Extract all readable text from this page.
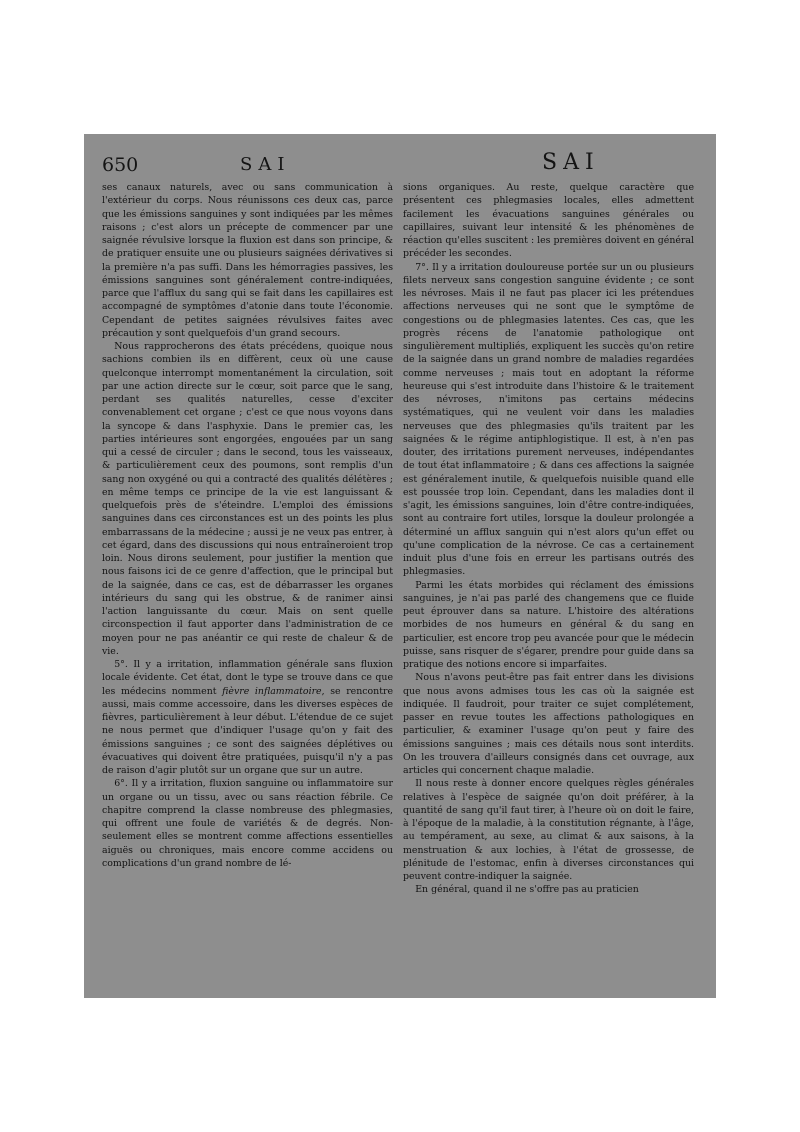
650	SAI	SAI

ses canaux naturels, avec ou sans communication à l'extérieur du corps. Nous réunissons ces deux cas, parce que les émissions sanguines y sont indiquées par les mêmes raisons ; c'est alors un précepte de commencer par une saignée révulsive lorsque la fluxion est dans son principe, & de pratiquer ensuite une ou plusieurs saignées dérivatives si la première n'a pas suffi. Dans les hémorragies passives, les émissions sanguines sont généralement contre-indiquées, parce que l'afflux du sang qui se fait dans les capillaires est accompagné de symptômes d'atonie dans toute l'économie. Cependant de petites saignées révulsives faites avec précaution y sont quelquefois d'un grand secours.

Nous rapprocherons des états précédens, quoique nous sachions combien ils en diffèrent, ceux où une cause quelconque interrompt momentanément la circulation, soit par une action directe sur le cœur, soit parce que le sang, perdant ses qualités naturelles, cesse d'exciter convenablement cet organe ; c'est ce que nous voyons dans la syncope & dans l'asphyxie. Dans le premier cas, les parties intérieures sont engorgées, engouées par un sang qui a cessé de circuler ; dans le second, tous les vaisseaux, & particulièrement ceux des poumons, sont remplis d'un sang non oxygéné ou qui a contracté des qualités délétères ; en même temps ce principe de la vie est languissant & quelquefois près de s'éteindre. L'emploi des émissions sanguines dans ces circonstances est un des points les plus embarrassans de la médecine ; aussi je ne veux pas entrer, à cet égard, dans des discussions qui nous entraîneroient trop loin. Nous dirons seulement, pour justifier la mention que nous faisons ici de ce genre d'affection, que le principal but de la saignée, dans ce cas, est de débarrasser les organes intérieurs du sang qui les obstrue, & de ranimer ainsi l'action languissante du cœur. Mais on sent quelle circonspection il faut apporter dans l'administration de ce moyen pour ne pas anéantir ce qui reste de chaleur & de vie.

5°. Il y a irritation, inflammation générale sans fluxion locale évidente. Cet état, dont le type se trouve dans ce que les médecins nomment fièvre inflammatoire, se rencontre aussi, mais comme accessoire, dans les diverses espèces de fièvres, particulièrement à leur début. L'étendue de ce sujet ne nous permet que d'indiquer l'usage qu'on y fait des émissions sanguines ; ce sont des saignées déplétives ou évacuatives qui doivent être pratiquées, puisqu'il n'y a pas de raison d'agir plutôt sur un organe que sur un autre.

6°. Il y a irritation, fluxion sanguine ou inflammatoire sur un organe ou un tissu, avec ou sans réaction fébrile. Ce chapitre comprend la classe nombreuse des phlegmasies, qui offrent une foule de variétés & de degrés. Non-seulement elles se montrent comme affections essentielles aiguës ou chroniques, mais encore comme accidens ou complications d'un grand nombre de lé-

sions organiques. Au reste, quelque caractère que présentent ces phlegmasies locales, elles admettent facilement les évacuations sanguines générales ou capillaires, suivant leur intensité & les phénomènes de réaction qu'elles suscitent : les premières doivent en général précéder les secondes.

7°. Il y a irritation douloureuse portée sur un ou plusieurs filets nerveux sans congestion sanguine évidente ; ce sont les névroses. Mais il ne faut pas placer ici les prétendues affections nerveuses qui ne sont que le symptôme de congestions ou de phlegmasies latentes. Ces cas, que les progrès récens de l'anatomie pathologique ont singulièrement multipliés, expliquent les succès qu'on retire de la saignée dans un grand nombre de maladies regardées comme nerveuses ; mais tout en adoptant la réforme heureuse qui s'est introduite dans l'histoire & le traitement des névroses, n'imitons pas certains médecins systématiques, qui ne veulent voir dans les maladies nerveuses que des phlegmasies qu'ils traitent par les saignées & le régime antiphlogistique. Il est, à n'en pas douter, des irritations purement nerveuses, indépendantes de tout état inflammatoire ; & dans ces affections la saignée est généralement inutile, & quelquefois nuisible quand elle est poussée trop loin. Cependant, dans les maladies dont il s'agit, les émissions sanguines, loin d'être contre-indiquées, sont au contraire fort utiles, lorsque la douleur prolongée a déterminé un afflux sanguin qui n'est alors qu'un effet ou qu'une complication de la névrose. Ce cas a certainement induit plus d'une fois en erreur les partisans outrés des phlegmasies.

Parmi les états morbides qui réclament des émissions sanguines, je n'ai pas parlé des changemens que ce fluide peut éprouver dans sa nature. L'histoire des altérations morbides de nos humeurs en général & du sang en particulier, est encore trop peu avancée pour que le médecin puisse, sans risquer de s'égarer, prendre pour guide dans sa pratique des notions encore si imparfaites.

Nous n'avons peut-être pas fait entrer dans les divisions que nous avons admises tous les cas où la saignée est indiquée. Il faudroit, pour traiter ce sujet complétement, passer en revue toutes les affections pathologiques en particulier, & examiner l'usage qu'on peut y faire des émissions sanguines ; mais ces détails nous sont interdits. On les trouvera d'ailleurs consignés dans cet ouvrage, aux articles qui concernent chaque maladie.

Il nous reste à donner encore quelques règles générales relatives à l'espèce de saignée qu'on doit préférer, à la quantité de sang qu'il faut tirer, à l'heure où on doit le faire, à l'époque de la maladie, à la constitution régnante, à l'âge, au tempérament, au sexe, au climat & aux saisons, à la menstruation & aux lochies, à l'état de grossesse, de plénitude de l'estomac, enfin à diverses circonstances qui peuvent contre-indiquer la saignée.

En général, quand il ne s'offre pas au praticien
